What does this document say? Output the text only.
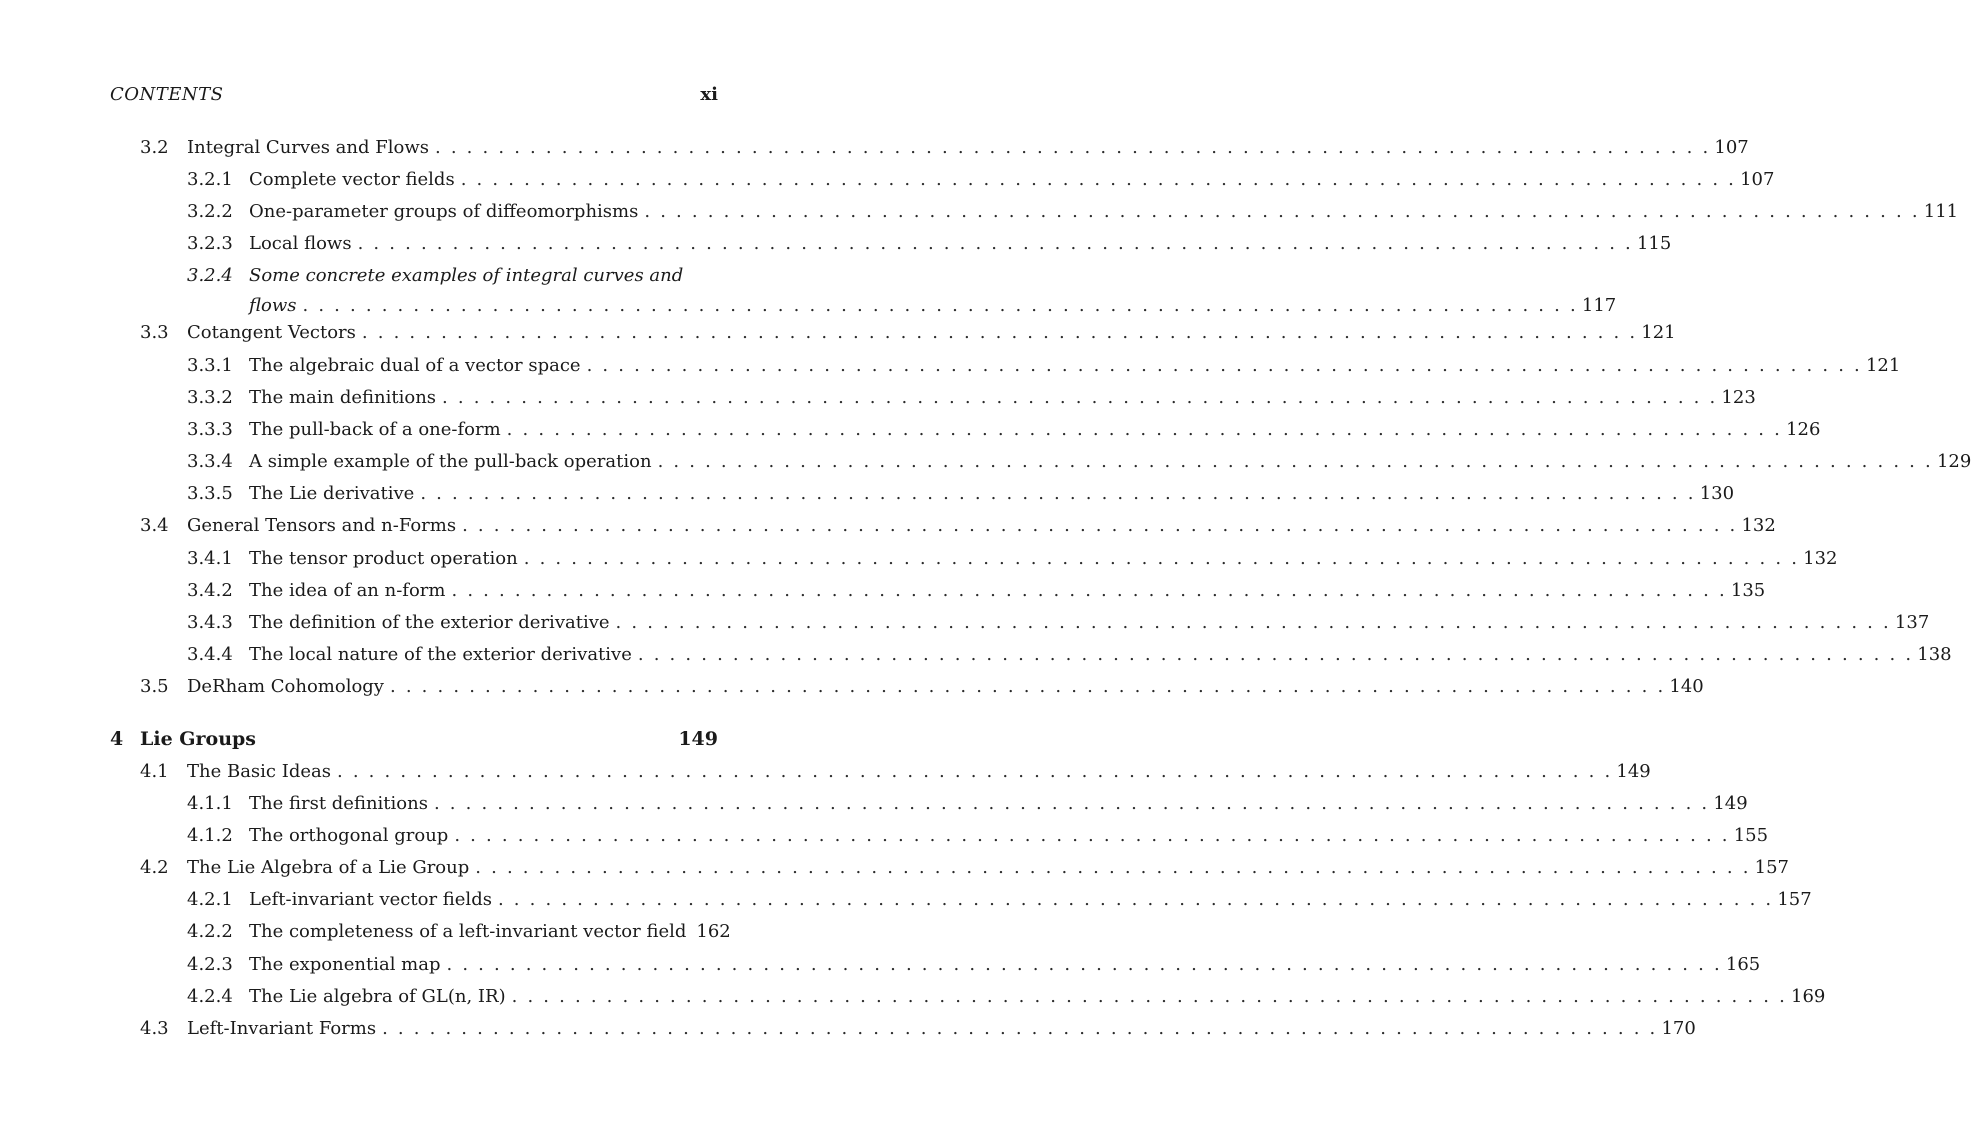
CONTENTS	xi
3.2 Integral Curves and Flows . . .	107
3.2.1 Complete vector fields . . .	107
3.2.2 One-parameter groups of diffeomorphisms . . .	111
3.2.3 Local flows . . .	115
3.2.4 Some concrete examples of integral curves and
flows . . .	117
3.3 Cotangent Vectors . . .	121
3.3.1 The algebraic dual of a vector space . . .	121
3.3.2 The main definitions . . .	123
3.3.3 The pull-back of a one-form . . .	126
3.3.4 A simple example of the pull-back operation . . .	129
3.3.5 The Lie derivative . . .	130
3.4 General Tensors and n-Forms . . .	132
3.4.1 The tensor product operation . . .	132
3.4.2 The idea of an n-form . . .	135
3.4.3 The definition of the exterior derivative . . .	137
3.4.4 The local nature of the exterior derivative . . .	138
3.5 DeRham Cohomology . . .	140
4 Lie Groups	149
4.1 The Basic Ideas . . .	149
4.1.1 The first definitions . . .	149
4.1.2 The orthogonal group . . .	155
4.2 The Lie Algebra of a Lie Group . . .	157
4.2.1 Left-invariant vector fields . . .	157
4.2.2 The completeness of a left-invariant vector field 162
4.2.3 The exponential map . . .	165
4.2.4 The Lie algebra of GL(n, IR) . . .	169
4.3 Left-Invariant Forms . . .	170
